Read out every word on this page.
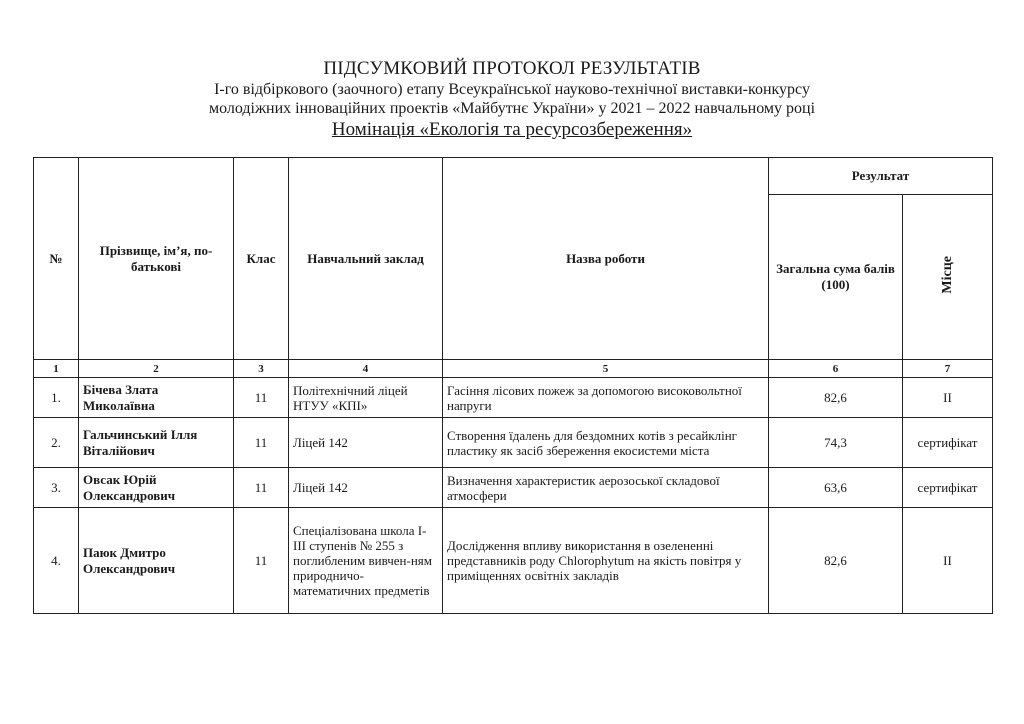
ПІДСУМКОВИЙ ПРОТОКОЛ РЕЗУЛЬТАТІВ
І-го відбіркового (заочного) етапу Всеукраїнської науково-технічної виставки-конкурсу
молодіжних інноваційних проектів «Майбутнє України» у 2021 – 2022 навчальному році
Номінація «Екологія та ресурсозбереження»
№	Прізвище, ім’я, по-батькові	Клас	Навчальний заклад	Назва роботи	Результат	
					Загальна сума балів (100)	Місце
1	2	3	4	5	6	7
1.	Бічева Злата Миколаївна	11	Політехнічний ліцей НТУУ «КПІ»	Гасіння лісових пожеж за допомогою високовольтної напруги	82,6	ІІ
2.	Гальчинський Ілля Віталійович	11	Ліцей 142	Створення їдалень для бездомних котів з ресайклінг пластику як засіб збереження екосистеми міста	74,3	сертифікат
3.	Овсак Юрій Олександрович	11	Ліцей 142	Визначення характеристик аерозоської складової атмосфери	63,6	сертифікат
4.	Паюк Дмитро Олександрович	11	Спеціалізована школа І-ІІІ ступенів № 255 з поглибленим вивчен-ням природничо-математичних предметів	Дослідження впливу використання в озелененні представників роду Chlorophytum на якість повітря у приміщеннях освітніх закладів	82,6	ІІ
